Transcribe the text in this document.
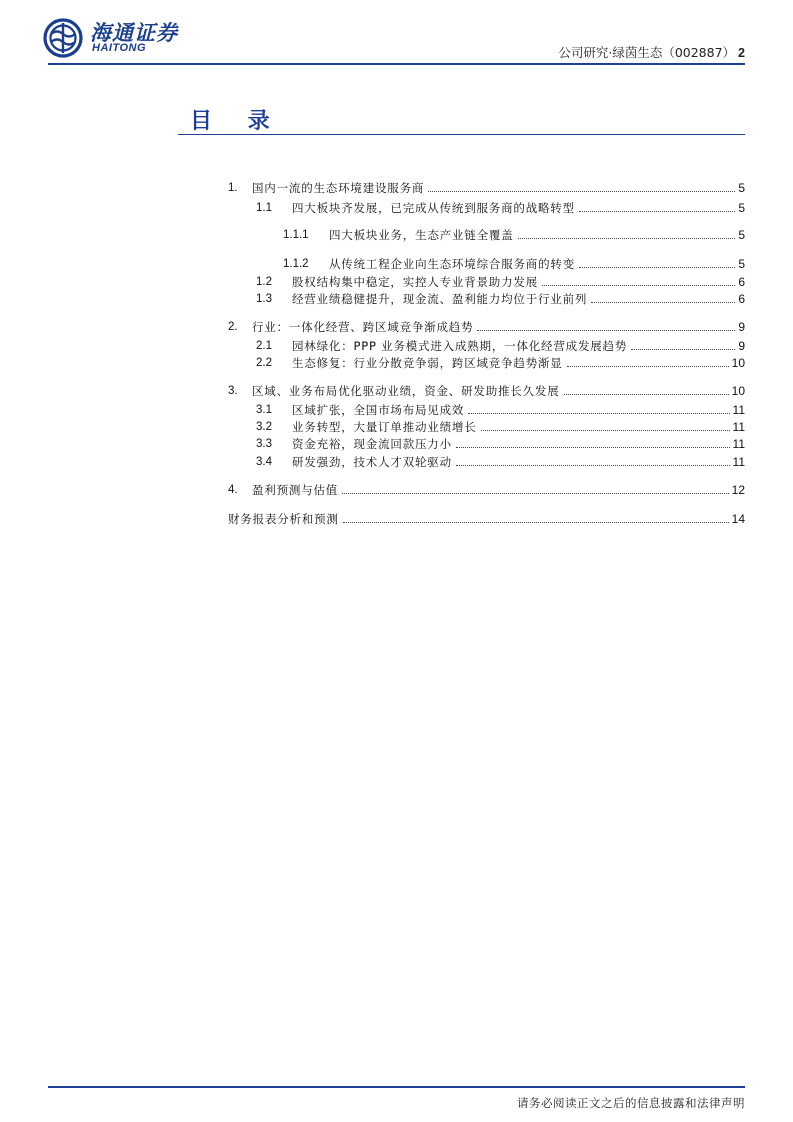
海通证券
HAITONG	公司研究·绿茵生态（002887） 2
目 录
1.	国内一流的生态环境建设服务商	5
1.1	四大板块齐发展，已完成从传统到服务商的战略转型	5
1.1.1	四大板块业务，生态产业链全覆盖	5
1.1.2	从传统工程企业向生态环境综合服务商的转变	5
1.2	股权结构集中稳定，实控人专业背景助力发展	6
1.3	经营业绩稳健提升，现金流、盈利能力均位于行业前列	6
2.	行业：一体化经营、跨区域竞争渐成趋势	9
2.1	园林绿化：PPP 业务模式进入成熟期，一体化经营成发展趋势	9
2.2	生态修复：行业分散竞争弱，跨区域竞争趋势渐显	10
3.	区域、业务布局优化驱动业绩，资金、研发助推长久发展	10
3.1	区域扩张，全国市场布局见成效	11
3.2	业务转型，大量订单推动业绩增长	11
3.3	资金充裕，现金流回款压力小	11
3.4	研发强劲，技术人才双轮驱动	11
4.	盈利预测与估值	12
财务报表分析和预测	14
请务必阅读正文之后的信息披露和法律声明
